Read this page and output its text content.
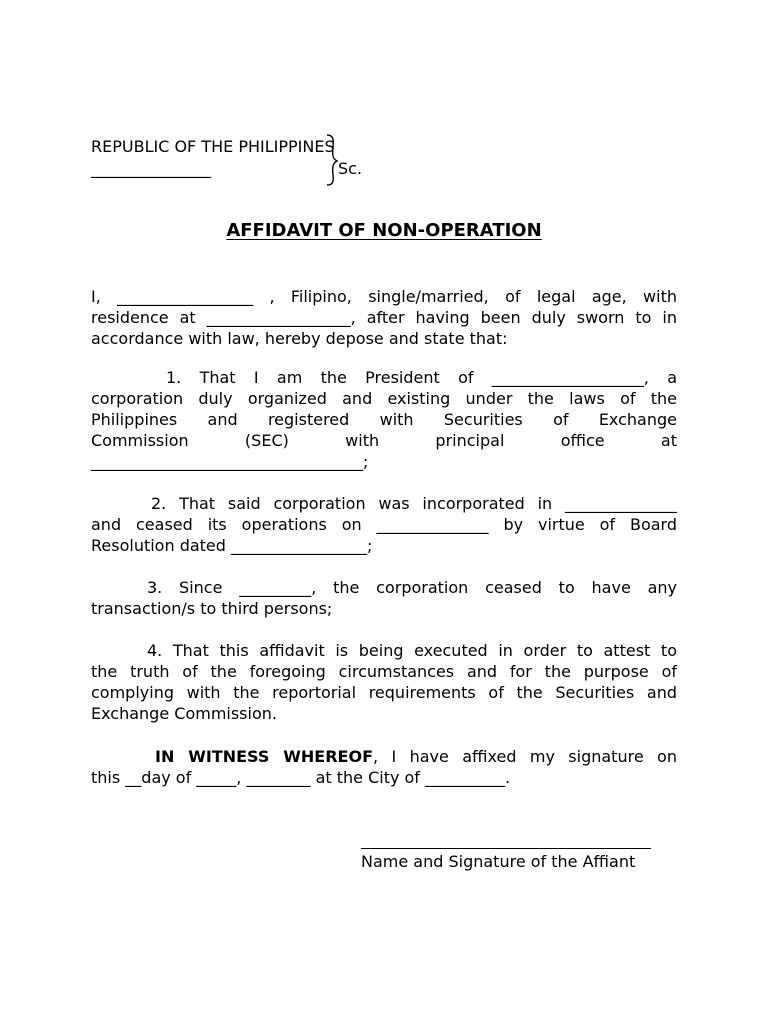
REPUBLIC OF THE PHILIPPINES
_______________	Sc.
AFFIDAVIT OF NON-OPERATION
I, _________________ , Filipino, single/married, of legal age, with
residence at __________________, after having been duly sworn to in
accordance with law, hereby depose and state that:
1. That I am the President of ___________________, a
corporation duly organized and existing under the laws of the
Philippines and registered with Securities of Exchange
Commission (SEC) with principal office at
__________________________________;
2. That said corporation was incorporated in ______________
and ceased its operations on ______________ by virtue of Board
Resolution dated _________________;
3. Since _________, the corporation ceased to have any
transaction/s to third persons;
4. That this affidavit is being executed in order to attest to
the truth of the foregoing circumstances and for the purpose of
complying with the reportorial requirements of the Securities and
Exchange Commission.
IN WITNESS WHEREOF, I have affixed my signature on
this __day of _____, ________ at the City of __________.
Name and Signature of the Affiant
